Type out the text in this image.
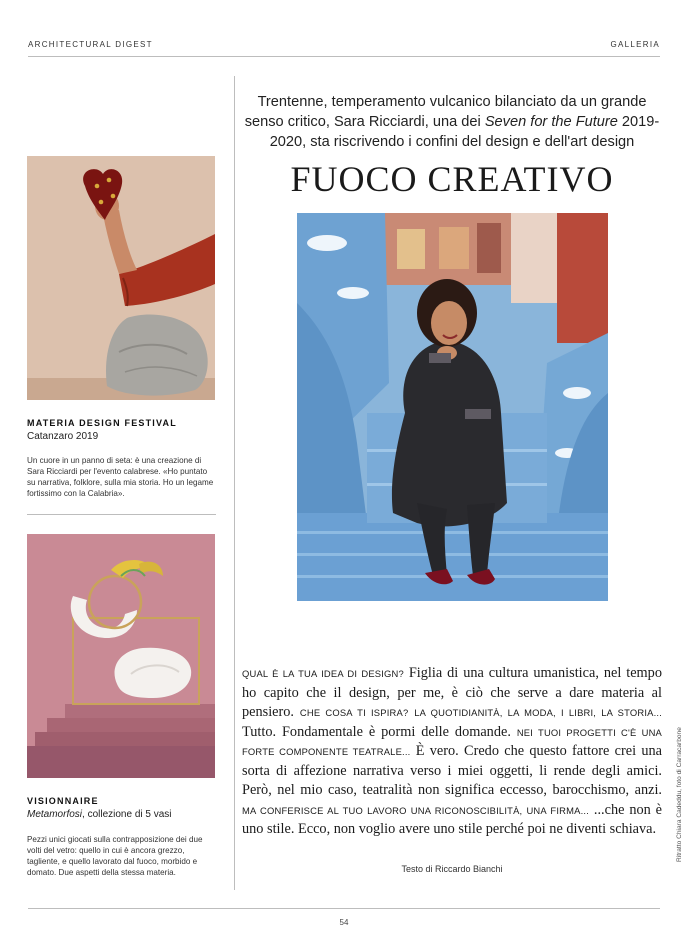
ARCHITECTURAL DIGEST	GALLERIA
MATERIA DESIGN FESTIVAL
Catanzaro 2019
Un cuore in un panno di seta: è una creazione di Sara Ricciardi per l'evento calabrese. «Ho puntato su narrativa, folklore, sulla mia storia. Ho un legame fortissimo con la Calabria».
VISIONNAIRE
Metamorfosi, collezione di 5 vasi
Pezzi unici giocati sulla contrapposizione dei due volti del vetro: quello in cui è ancora grezzo, tagliente, e quello lavorato dal fuoco, morbido e domato. Due aspetti della stessa materia.
Trentenne, temperamento vulcanico bilanciato da un grande senso critico, Sara Ricciardi, una dei Seven for the Future 2019-2020, sta riscrivendo i confini del design e dell'art design
FUOCO CREATIVO
QUAL È LA TUA IDEA DI DESIGN? Figlia di una cultura umanistica, nel tempo ho capito che il design, per me, è ciò che serve a dare materia al pensiero. CHE COSA TI ISPIRA? LA QUOTIDIANITÀ, LA MODA, I LIBRI, LA STORIA... Tutto. Fondamentale è pormi delle domande. NEI TUOI PROGETTI C'È UNA FORTE COMPONENTE TEATRALE... È vero. Credo che questo fattore crei una sorta di affezione narrativa verso i miei oggetti, li rende degli amici. Però, nel mio caso, teatralità non significa eccesso, barocchismo, anzi. MA CONFERISCE AL TUO LAVORO UNA RICONOSCIBILITÀ, UNA FIRMA... ...che non è uno stile. Ecco, non voglio avere uno stile perché poi ne diventi schiava.
Testo di Riccardo Bianchi
Ritratto Chiara Cadeddu, foto di Carracarbone
54
